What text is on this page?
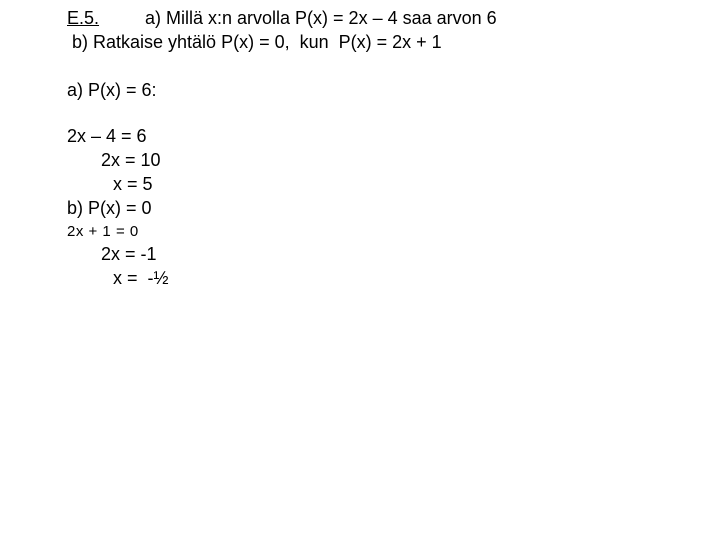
E.5.	a) Millä x:n arvolla P(x) = 2x – 4 saa arvon 6
b) Ratkaise yhtälö P(x) = 0,  kun  P(x) = 2x + 1
a) P(x) = 6:
2x – 4 = 6
2x = 10
x = 5
b) P(x) = 0
2x + 1 = 0
2x = -1
x =  -½
